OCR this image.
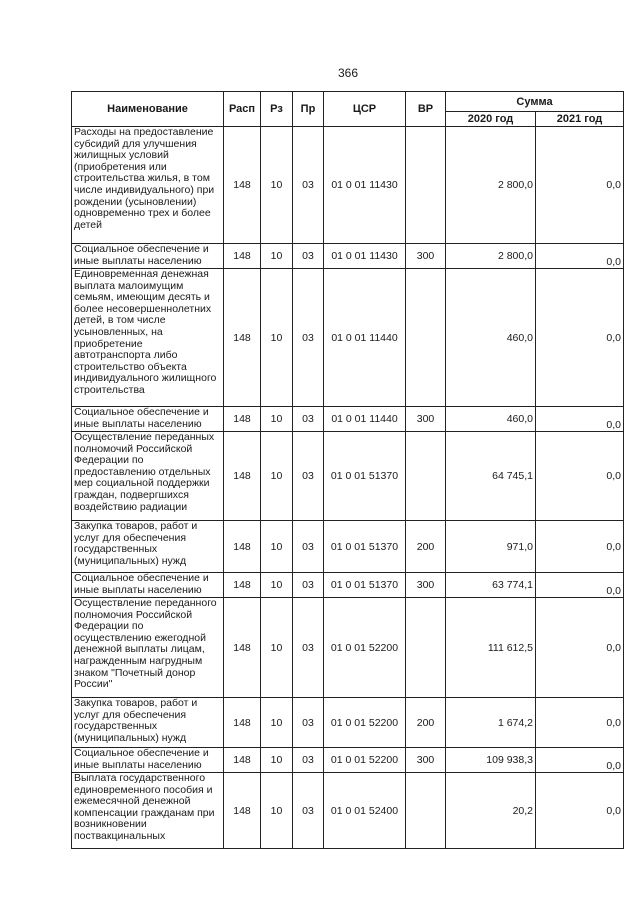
366
Наименование	Расп	Рз	Пр	ЦСР	ВР	Сумма	
						2020 год	2021 год
Расходы на предоставление субсидий для улучшения жилищных условий (приобретения или строительства жилья, в том числе индивидуального) при рождении (усыновлении) одновременно трех и более детей	148	10	03	01 0 01 11430		2 800,0	0,0
Социальное обеспечение и иные выплаты населению	148	10	03	01 0 01 11430	300	2 800,0	0,0
Единовременная денежная выплата малоимущим семьям, имеющим десять и более несовершеннолетних детей, в том числе усыновленных, на приобретение автотранспорта либо строительство объекта индивидуального жилищного строительства	148	10	03	01 0 01 11440		460,0	0,0
Социальное обеспечение и иные выплаты населению	148	10	03	01 0 01 11440	300	460,0	0,0
Осуществление переданных полномочий Российской Федерации по предоставлению отдельных мер социальной поддержки граждан, подвергшихся воздействию радиации	148	10	03	01 0 01 51370		64 745,1	0,0
Закупка товаров, работ и услуг для обеспечения государственных (муниципальных) нужд	148	10	03	01 0 01 51370	200	971,0	0,0
Социальное обеспечение и иные выплаты населению	148	10	03	01 0 01 51370	300	63 774,1	0,0
Осуществление переданного полномочия Российской Федерации по осуществлению ежегодной денежной выплаты лицам, награжденным нагрудным знаком "Почетный донор России"	148	10	03	01 0 01 52200		111 612,5	0,0
Закупка товаров, работ и услуг для обеспечения государственных (муниципальных) нужд	148	10	03	01 0 01 52200	200	1 674,2	0,0
Социальное обеспечение и иные выплаты населению	148	10	03	01 0 01 52200	300	109 938,3	0,0
Выплата государственного единовременного пособия и ежемесячной денежной компенсации гражданам при возникновении поствакцинальных	148	10	03	01 0 01 52400		20,2	0,0
